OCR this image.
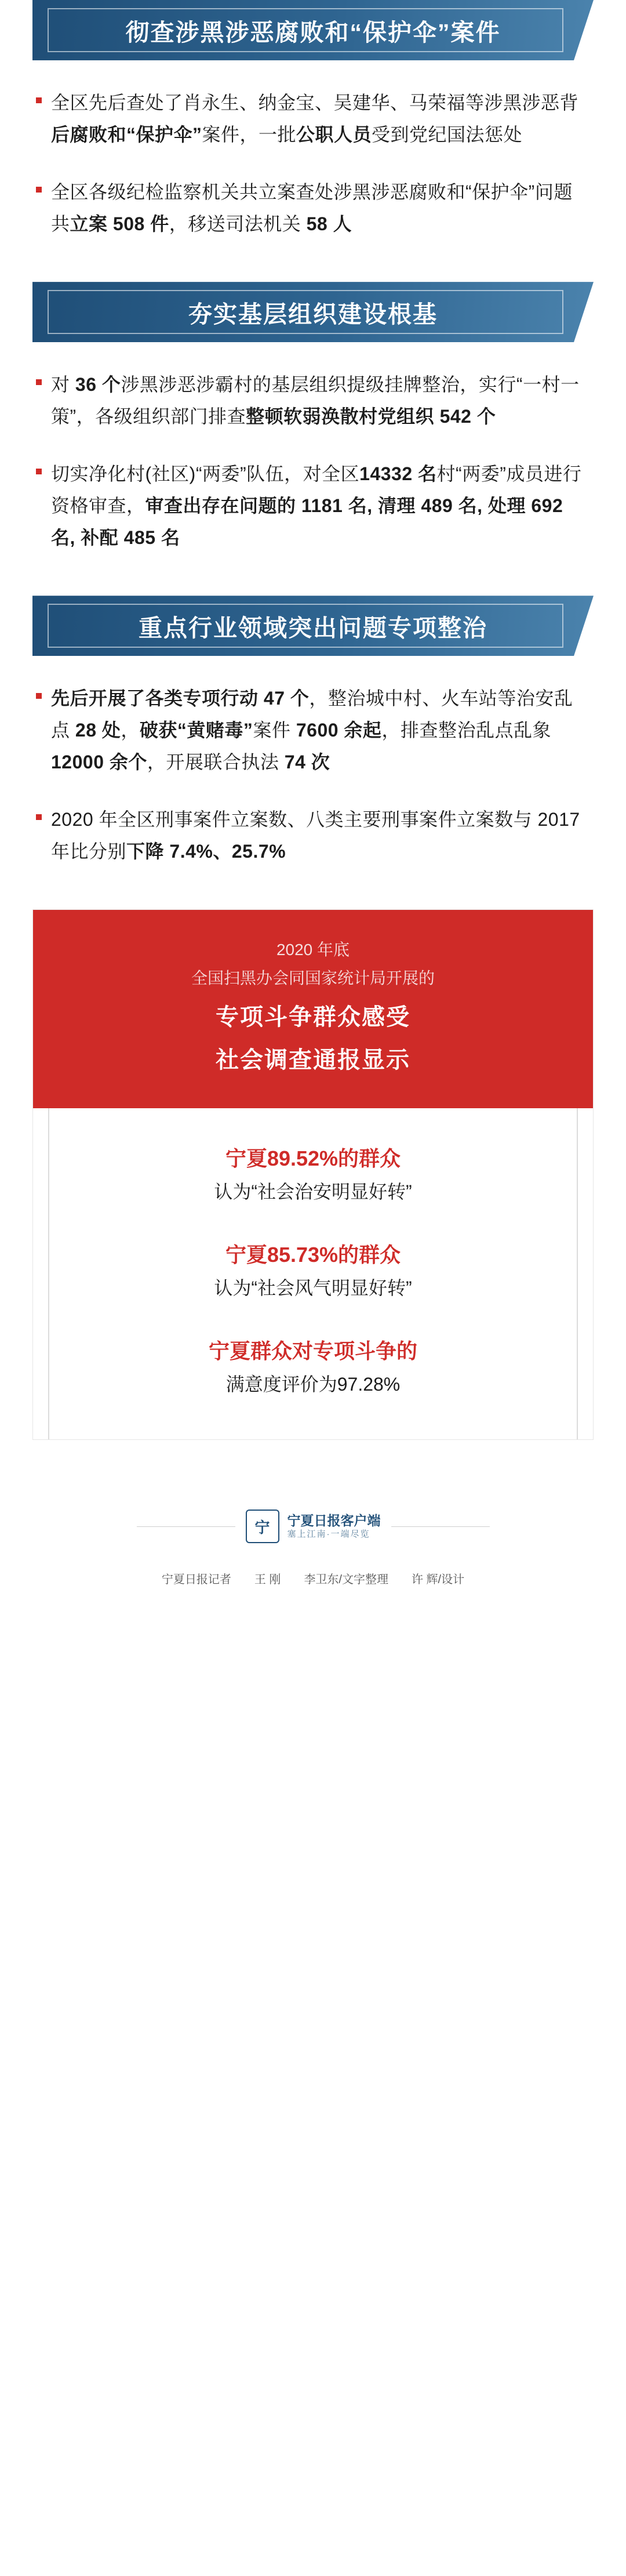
彻查涉黑涉恶腐败和“保护伞”案件
全区先后查处了肖永生、纳金宝、吴建华、马荣福等涉黑涉恶背后腐败和“保护伞”案件，一批公职人员受到党纪国法惩处
全区各级纪检监察机关共立案查处涉黑涉恶腐败和“保护伞”问题共立案 508 件，移送司法机关 58 人
夯实基层组织建设根基
对 36 个涉黑涉恶涉霸村的基层组织提级挂牌整治，实行“一村一策”，各级组织部门排查整顿软弱涣散村党组织 542 个
切实净化村(社区)“两委”队伍，对全区14332 名村“两委”成员进行资格审查，审查出存在问题的 1181 名, 清理 489 名, 处理 692 名, 补配 485 名
重点行业领域突出问题专项整治
先后开展了各类专项行动 47 个，整治城中村、火车站等治安乱点 28 处，破获“黄赌毒”案件 7600 余起，排查整治乱点乱象12000 余个，开展联合执法 74 次
2020 年全区刑事案件立案数、八类主要刑事案件立案数与 2017 年比分别下降 7.4%、25.7%
2020 年底
全国扫黑办会同国家统计局开展的
专项斗争群众感受
社会调查通报显示
宁夏89.52%的群众
认为“社会治安明显好转”
宁夏85.73%的群众
认为“社会风气明显好转”
宁夏群众对专项斗争的
满意度评价为97.28%
宁	宁夏日报客户端
塞上江南·一端尽览
宁夏日报记者 王 刚 李卫东/文字整理 许 辉/设计
